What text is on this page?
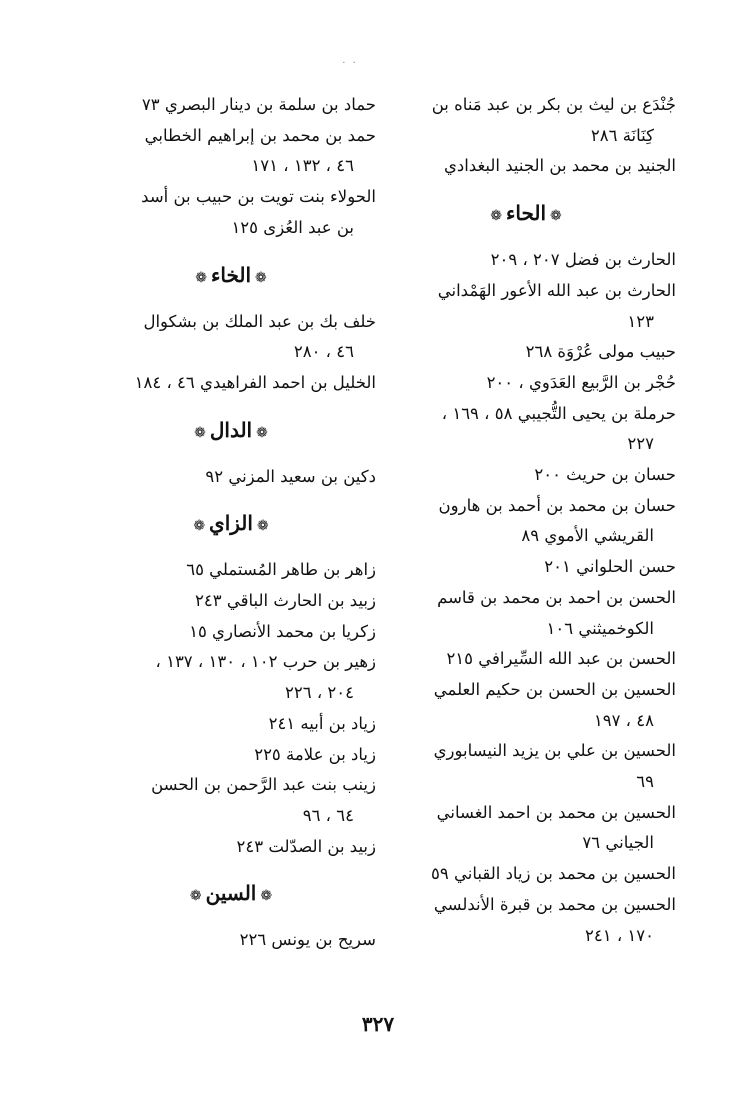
· ·
جُنْدَع بن ليث بن بكر بن عبد مَناه بن
كِنَانَة ٢٨٦
الجنيد بن محمد بن الجنيد البغدادي
❁الحاء❁
الحارث بن فضل ٢٠٧ ، ٢٠٩
الحارث بن عبد الله الأعور الهَمْداني
١٢٣
حبيب مولى عُرْوَة ٢٦٨
حُجْر بن الرَّبيع العَدَوي ، ٢٠٠
حرملة بن يحيى التُّجيبي ٥٨ ، ١٦٩ ،
٢٢٧
حسان بن حريث ٢٠٠
حسان بن محمد بن أحمد بن هارون
القريشي الأموي ٨٩
حسن الحلواني ٢٠١
الحسن بن احمد بن محمد بن قاسم
الكوخميثني ١٠٦
الحسن بن عبد الله السِّيرافي ٢١٥
الحسين بن الحسن بن حكيم العلمي
٤٨ ، ١٩٧
الحسين بن علي بن يزيد النيسابوري
٦٩
الحسين بن محمد بن احمد الغساني
الجياني ٧٦
الحسين بن محمد بن زياد القباني ٥٩
الحسين بن محمد بن قبرة الأندلسي
١٧٠ ، ٢٤١
حماد بن سلمة بن دينار البصري ٧٣
حمد بن محمد بن إبراهيم الخطابي
٤٦ ، ١٣٢ ، ١٧١
الحولاء بنت تويت بن حبيب بن أسد
بن عبد العُزى ١٢٥
❁الخاء❁
خلف بك بن عبد الملك بن بشكوال
٤٦ ، ٢٨٠
الخليل بن احمد الفراهيدي ٤٦ ، ١٨٤
❁الدال❁
دكين بن سعيد المزني ٩٢
❁الزاي❁
زاهر بن طاهر المُستملي ٦٥
زبيد بن الحارث الباقي ٢٤٣
زكريا بن محمد الأنصاري ١٥
زهير بن حرب ١٠٢ ، ١٣٠ ، ١٣٧ ،
٢٠٤ ، ٢٢٦
زياد بن أبيه ٢٤١
زياد بن علامة ٢٢٥
زينب بنت عبد الرَّحمن بن الحسن
٦٤ ، ٩٦
زبيد بن الصدّلت ٢٤٣
❁السين❁
سريح بن يونس ٢٢٦
٣٢٧
